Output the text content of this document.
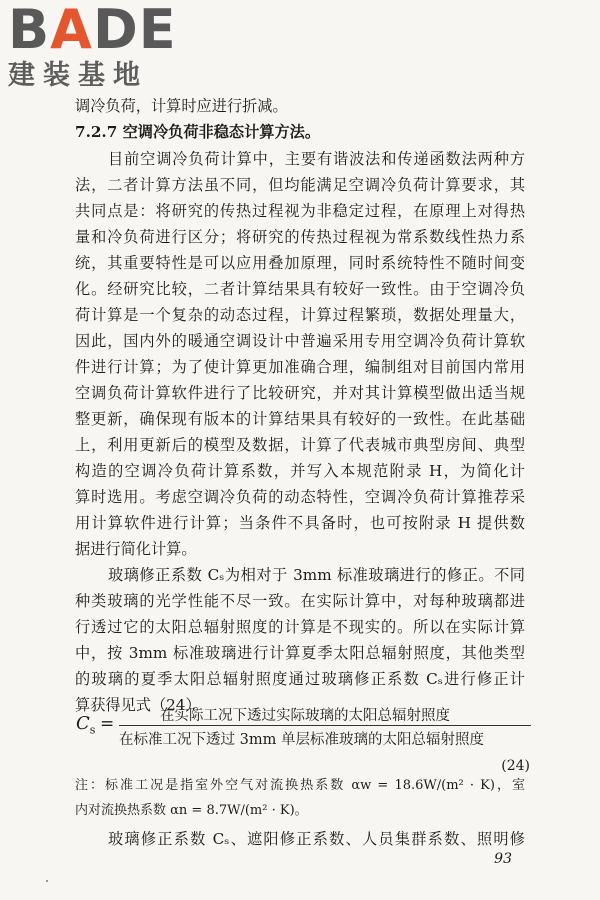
BADE
建装基地
调冷负荷，计算时应进行折减。
7.2.7 空调冷负荷非稳态计算方法。
目前空调冷负荷计算中，主要有谐波法和传递函数法两种方
法，二者计算方法虽不同，但均能满足空调冷负荷计算要求，其
共同点是：将研究的传热过程视为非稳定过程，在原理上对得热
量和冷负荷进行区分；将研究的传热过程视为常系数线性热力系
统，其重要特性是可以应用叠加原理，同时系统特性不随时间变
化。经研究比较，二者计算结果具有较好一致性。由于空调冷负
荷计算是一个复杂的动态过程，计算过程繁琐，数据处理量大，
因此，国内外的暖通空调设计中普遍采用专用空调冷负荷计算软
件进行计算；为了使计算更加准确合理，编制组对目前国内常用
空调负荷计算软件进行了比较研究，并对其计算模型做出适当规
整更新，确保现有版本的计算结果具有较好的一致性。在此基础
上，利用更新后的模型及数据，计算了代表城市典型房间、典型
构造的空调冷负荷计算系数，并写入本规范附录 H，为简化计
算时选用。考虑空调冷负荷的动态特性，空调冷负荷计算推荐采
用计算软件进行计算；当条件不具备时，也可按附录 H 提供数
据进行简化计算。
玻璃修正系数 Cₛ为相对于 3mm 标准玻璃进行的修正。不同
种类玻璃的光学性能不尽一致。在实际计算中，对每种玻璃都进
行透过它的太阳总辐射照度的计算是不现实的。所以在实际计算
中，按 3mm 标准玻璃进行计算夏季太阳总辐射照度，其他类型
的玻璃的夏季太阳总辐射照度通过玻璃修正系数 Cₛ进行修正计
算获得见式（24）。
$C_s$ =	在实际工况下透过实际玻璃的太阳总辐射照度
在标准工况下透过 3mm 单层标准玻璃的太阳总辐射照度
(24)
注：标准工况是指室外空气对流换热系数 αw = 18.6W/(m² · K)，室
内对流换热系数 αn = 8.7W/(m² · K)。
玻璃修正系数 Cₛ、遮阳修正系数、人员集群系数、照明修
93
